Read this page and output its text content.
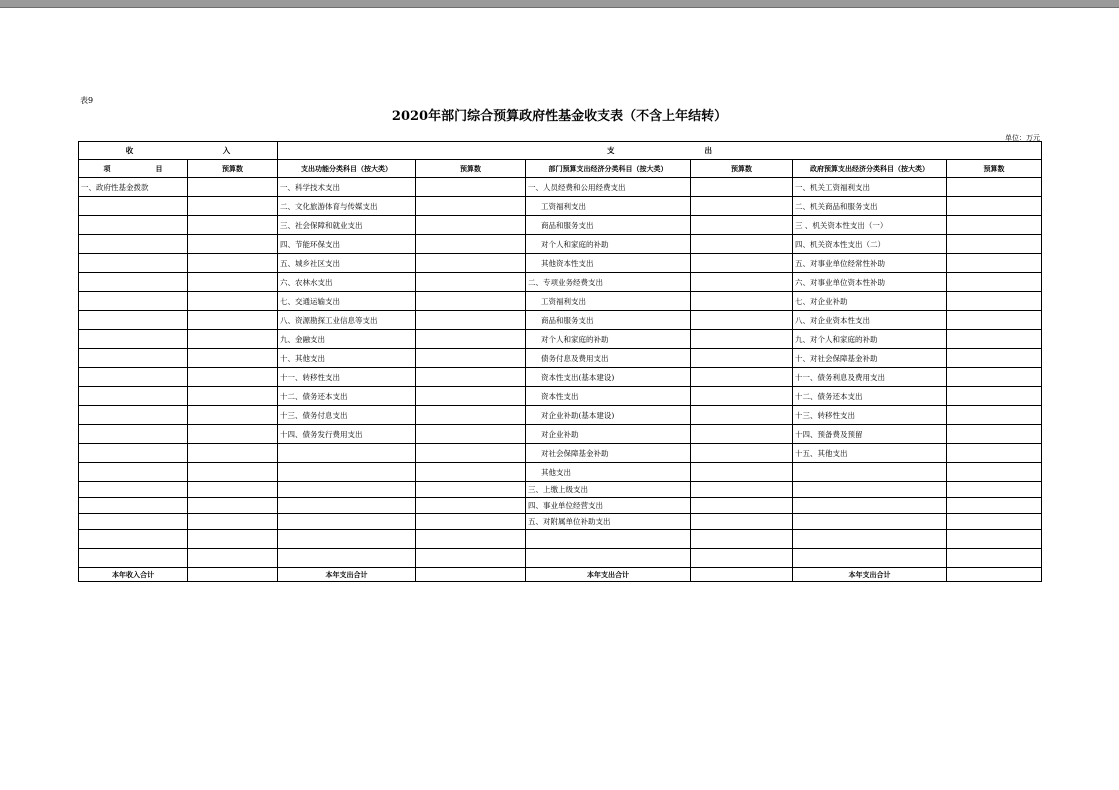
表9
2020年部门综合预算政府性基金收支表（不含上年结转）
单位：万元
收 入		支 出					

项 目	预算数	支出功能分类科目（按大类）	预算数	部门预算支出经济分类科目（按大类）	预算数	政府预算支出经济分类科目（按大类）	预算数
一、政府性基金拨款		一、科学技术支出		一、人员经费和公用经费支出		一、机关工资福利支出	
		二、文化旅游体育与传媒支出		工资福利支出		二、机关商品和服务支出	
		三、社会保障和就业支出		商品和服务支出		三 、机关资本性支出（一）	
		四、节能环保支出		对个人和家庭的补助		四、机关资本性支出（二）	
		五、城乡社区支出		其他资本性支出		五、对事业单位经常性补助	
		六、农林水支出		二、专项业务经费支出		六、对事业单位资本性补助	
		七、交通运输支出		工资福利支出		七、对企业补助	
		八、资源勘探工业信息等支出		商品和服务支出		八、对企业资本性支出	
		九、金融支出		对个人和家庭的补助		九、对个人和家庭的补助	
		十、其他支出		债务付息及费用支出		十、对社会保障基金补助	
		十一、转移性支出		资本性支出(基本建设)		十一、债务利息及费用支出	
		十二、债务还本支出		资本性支出		十二、债务还本支出	
		十三、债务付息支出		对企业补助(基本建设)		十三、转移性支出	
		十四、债务发行费用支出		对企业补助		十四、预备费及预留	
				对社会保障基金补助		十五、其他支出	
				其他支出			
				三、上缴上级支出			
				四、事业单位经营支出			
				五、对附属单位补助支出			

本年收入合计		本年支出合计		本年支出合计		本年支出合计	
